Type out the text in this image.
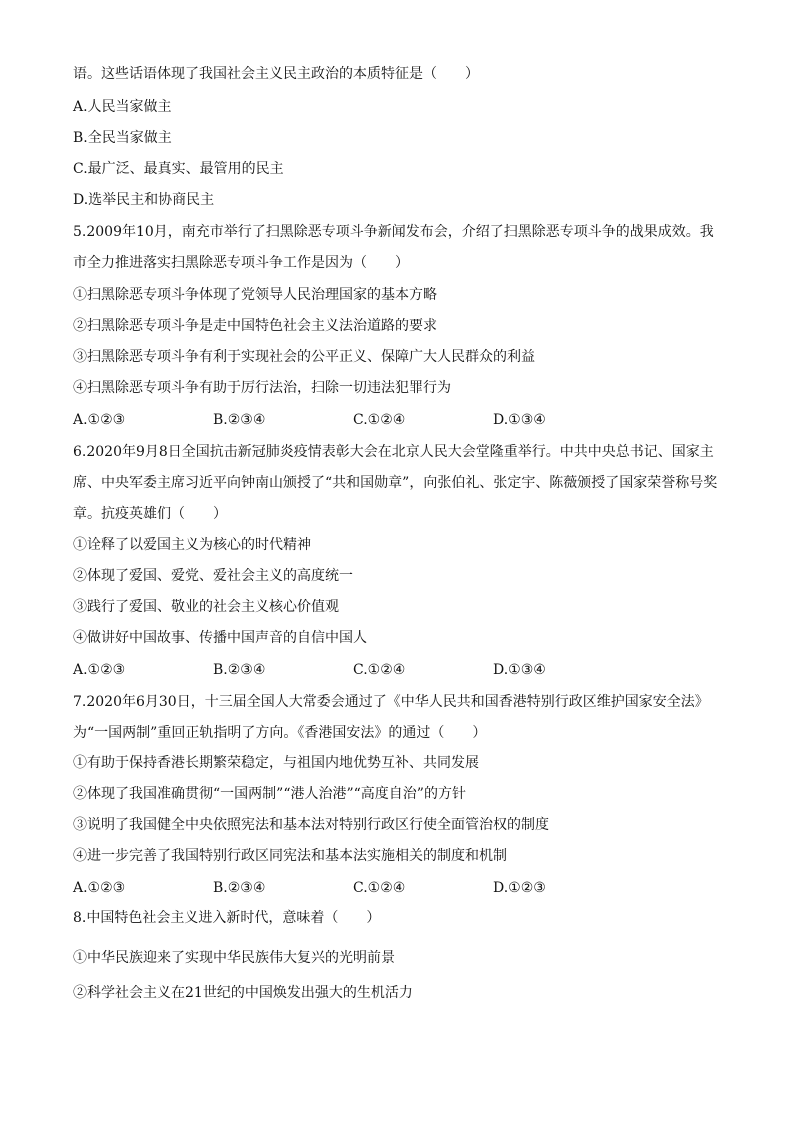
语。这些话语体现了我国社会主义民主政治的本质特征是（　　）
A.人民当家做主
B.全民当家做主
C.最广泛、最真实、最管用的民主
D.选举民主和协商民主
5.2009年10月，南充市举行了扫黑除恶专项斗争新闻发布会，介绍了扫黑除恶专项斗争的战果成效。我市全力推进落实扫黑除恶专项斗争工作是因为（　　）
①扫黑除恶专项斗争体现了党领导人民治理国家的基本方略
②扫黑除恶专项斗争是走中国特色社会主义法治道路的要求
③扫黑除恶专项斗争有利于实现社会的公平正义、保障广大人民群众的利益
④扫黑除恶专项斗争有助于厉行法治，扫除一切违法犯罪行为
A.①②③	B.②③④	C.①②④	D.①③④
6.2020年9月8日全国抗击新冠肺炎疫情表彰大会在北京人民大会堂隆重举行。中共中央总书记、国家主席、中央军委主席习近平向钟南山颁授了“共和国勋章”，向张伯礼、张定宇、陈薇颁授了国家荣誉称号奖章。抗疫英雄们（　　）
①诠释了以爱国主义为核心的时代精神
②体现了爱国、爱党、爱社会主义的高度统一
③践行了爱国、敬业的社会主义核心价值观
④做讲好中国故事、传播中国声音的自信中国人
A.①②③	B.②③④	C.①②④	D.①③④
7.2020年6月30日，十三届全国人大常委会通过了《中华人民共和国香港特别行政区维护国家安全法》为“一国两制”重回正轨指明了方向。《香港国安法》的通过（　　）
①有助于保持香港长期繁荣稳定，与祖国内地优势互补、共同发展
②体现了我国准确贯彻“一国两制”“港人治港”“高度自治”的方针
③说明了我国健全中央依照宪法和基本法对特别行政区行使全面管治权的制度
④进一步完善了我国特别行政区同宪法和基本法实施相关的制度和机制
A.①②③	B.②③④	C.①②④	D.①②③
8.中国特色社会主义进入新时代，意味着（　　）
①中华民族迎来了实现中华民族伟大复兴的光明前景
②科学社会主义在21世纪的中国焕发出强大的生机活力
